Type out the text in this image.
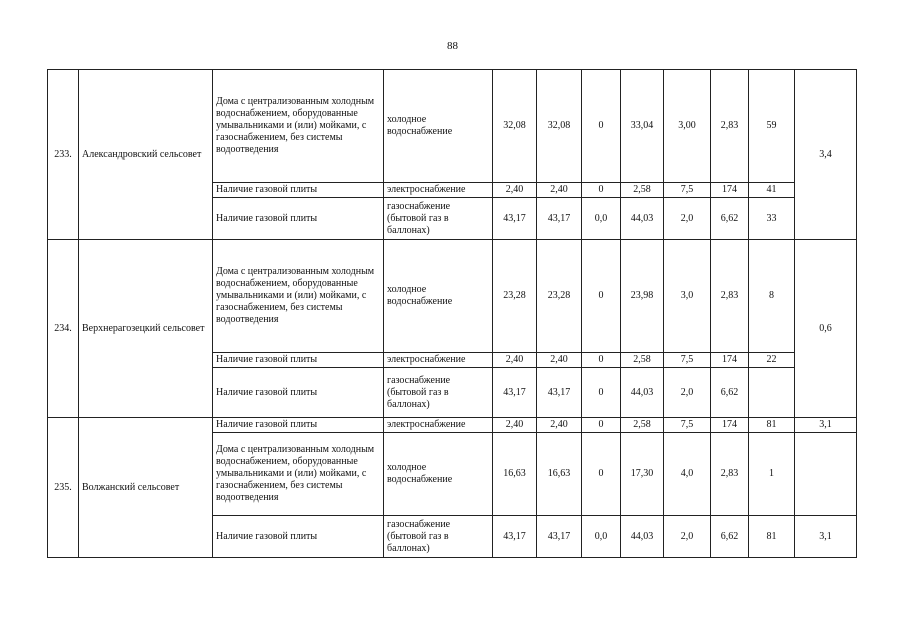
88
233.	Александровский сельсовет	Дома с централизованным холодным водоснабжением, оборудованные умывальниками и (или) мойками, с газоснабжением, без системы водоотведения	холодное водоснабжение	32,08	32,08	0	33,04	3,00	2,83	59	3,4
		Наличие газовой плиты	электроснабжение	2,40	2,40	0	2,58	7,5	174	41	
		Наличие газовой плиты	газоснабжение (бытовой газ в баллонах)	43,17	43,17	0,0	44,03	2,0	6,62	33	
234.	Верхнерагозецкий сельсовет	Дома с централизованным холодным водоснабжением, оборудованные умывальниками и (или) мойками, с газоснабжением, без системы водоотведения	холодное водоснабжение	23,28	23,28	0	23,98	3,0	2,83	8	0,6
		Наличие газовой плиты	электроснабжение	2,40	2,40	0	2,58	7,5	174	22	
		Наличие газовой плиты	газоснабжение (бытовой газ в баллонах)	43,17	43,17	0	44,03	2,0	6,62		
235.	Волжанский сельсовет	Наличие газовой плиты	электроснабжение	2,40	2,40	0	2,58	7,5	174	81	3,1
		Дома с централизованным холодным водоснабжением, оборудованные умывальниками и (или) мойками, с газоснабжением, без системы водоотведения	холодное водоснабжение	16,63	16,63	0	17,30	4,0	2,83	1	
		Наличие газовой плиты	газоснабжение (бытовой газ в баллонах)	43,17	43,17	0,0	44,03	2,0	6,62	81	3,1
